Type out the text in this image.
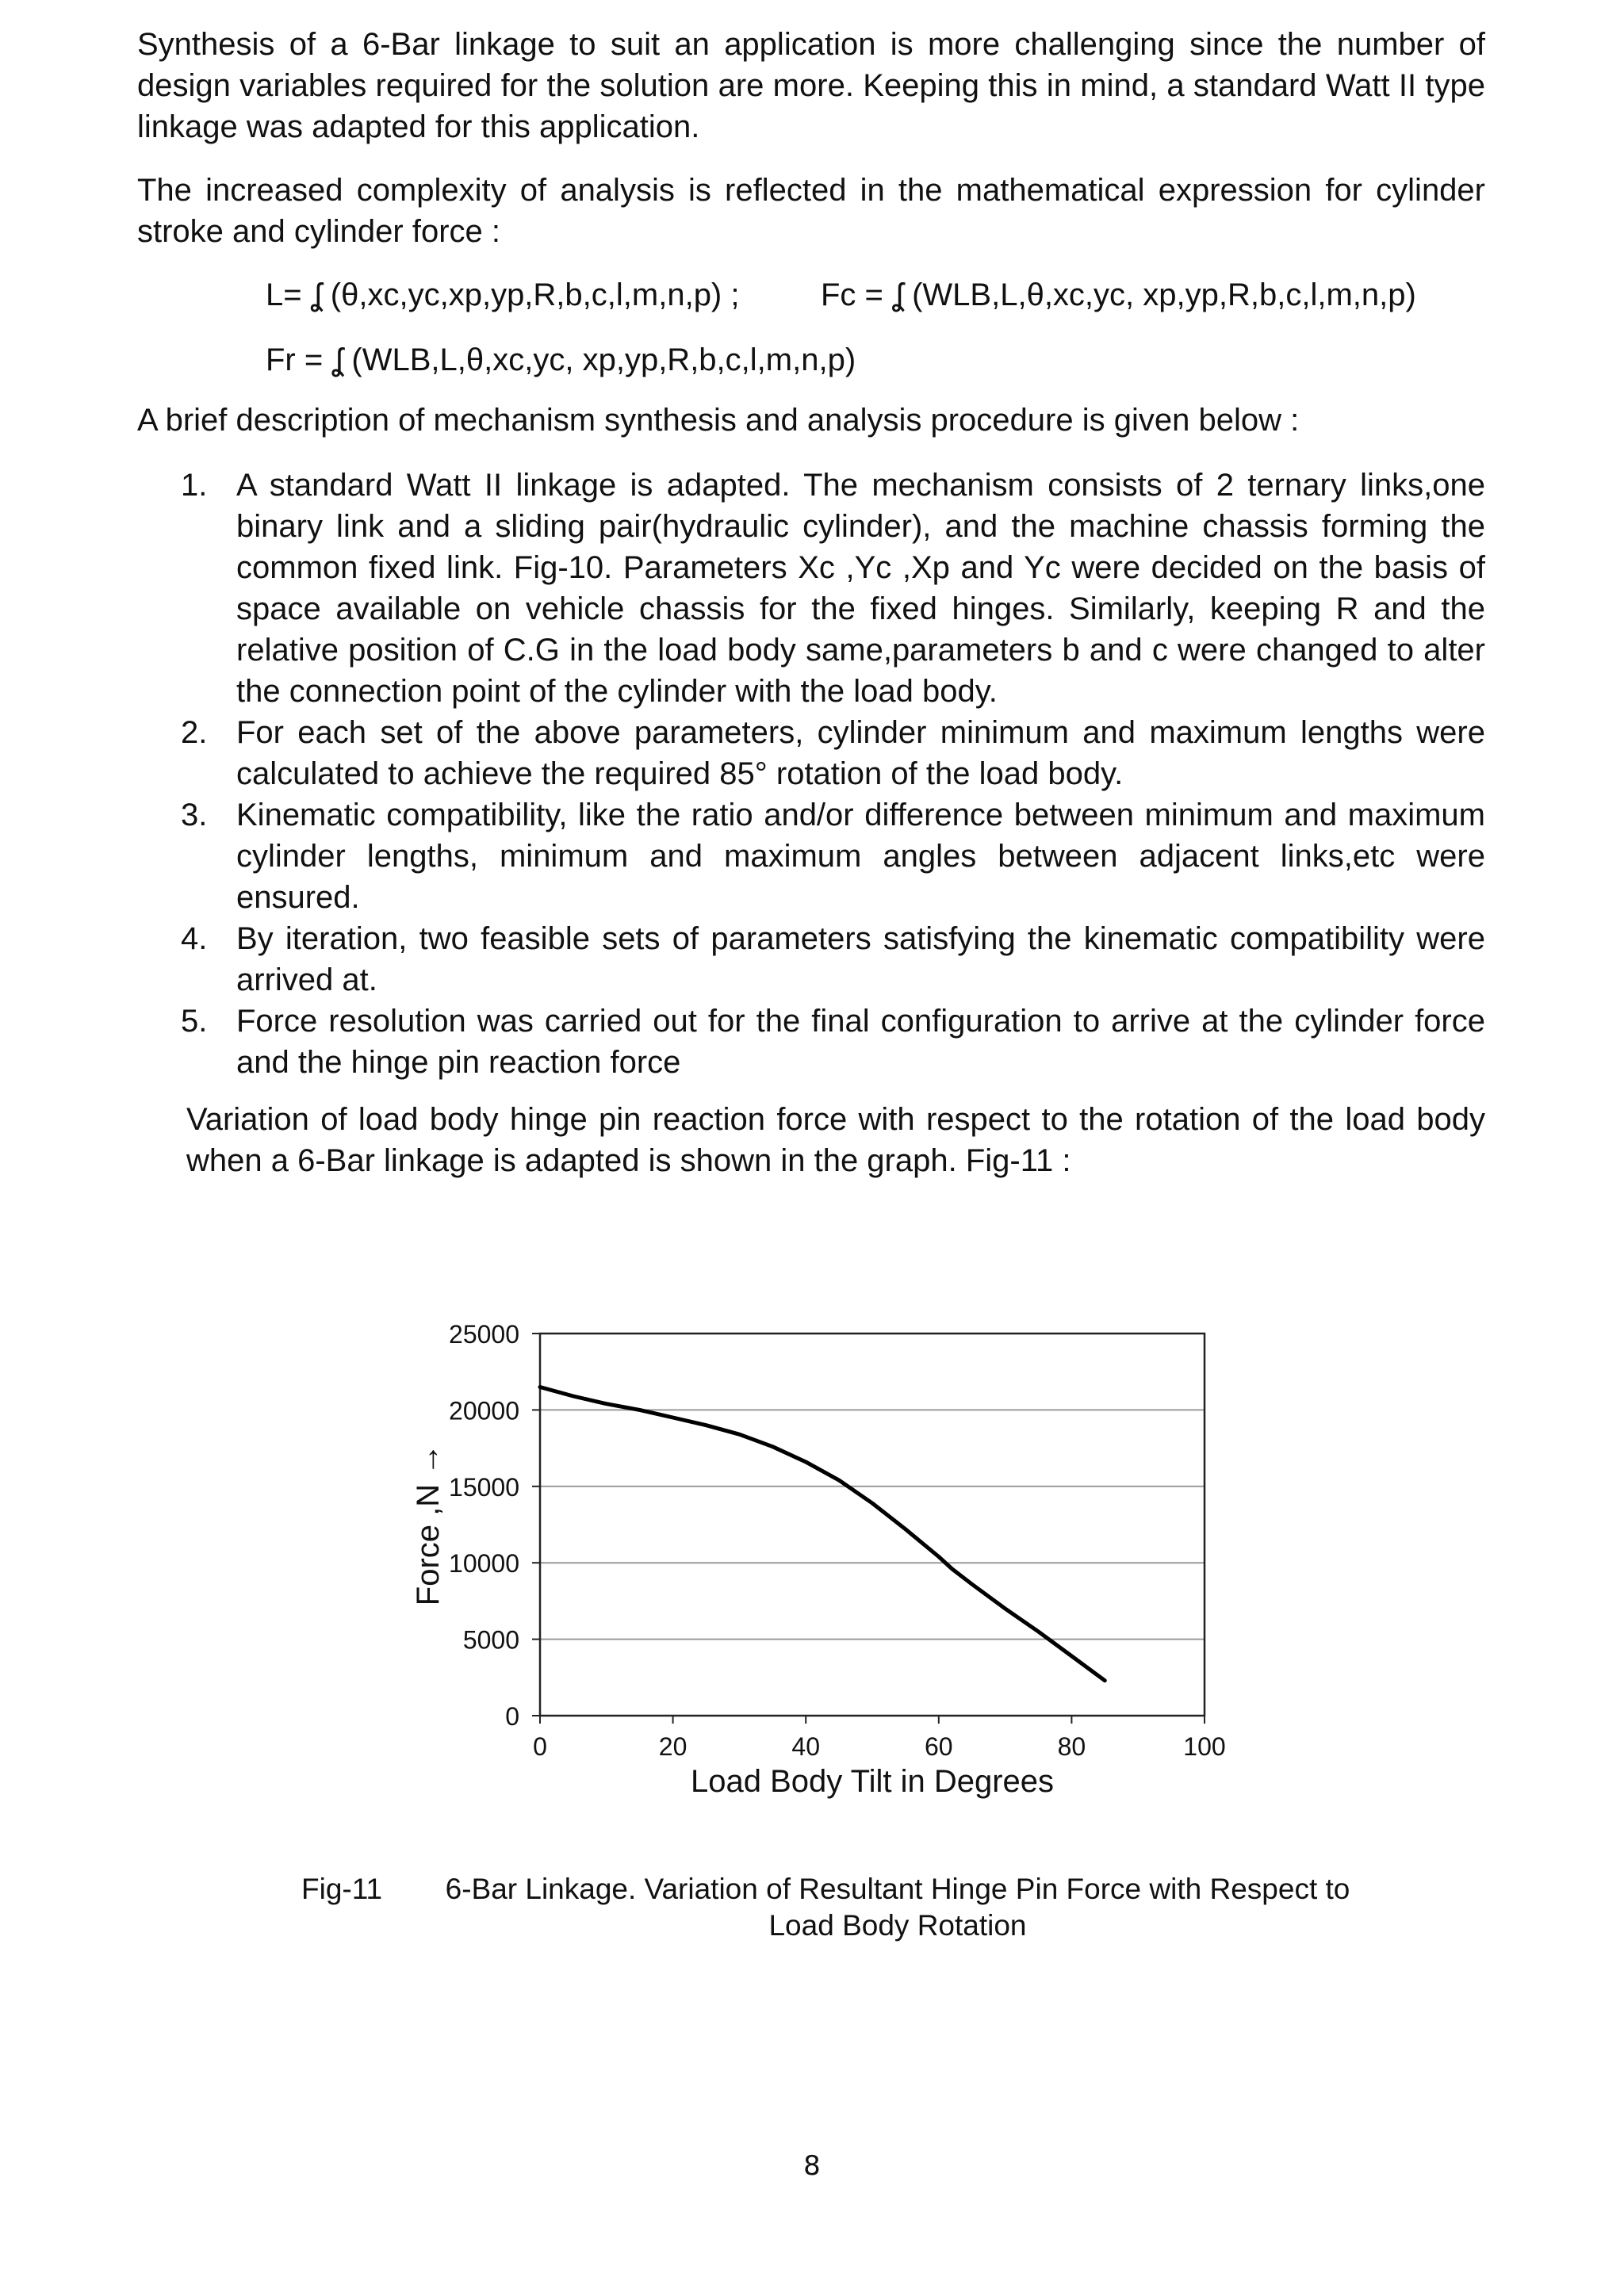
Synthesis of a 6-Bar linkage to suit an application is more challenging since the number of design variables required for the solution are more. Keeping this in mind, a standard Watt II type linkage was adapted for this application.

The increased complexity of analysis is reflected in the mathematical expression for cylinder stroke and cylinder force :

L= ʆ (θ,xc,yc,xp,yp,R,b,c,l,m,n,p) ;	Fc = ʆ (WLB,L,θ,xc,yc, xp,yp,R,b,c,l,m,n,p)

Fr = ʆ (WLB,L,θ,xc,yc, xp,yp,R,b,c,l,m,n,p)

A brief description of mechanism synthesis and analysis procedure is given below :

1. A standard Watt II linkage is adapted. The mechanism consists of 2 ternary links,one binary link and a sliding pair(hydraulic cylinder), and the machine chassis forming the common fixed link. Fig-10. Parameters Xc ,Yc ,Xp and Yc were decided on the basis of space available on vehicle chassis for the fixed hinges. Similarly, keeping R and the relative position of C.G in the load body same,parameters b and c were changed to alter the connection point of the cylinder with the load body.
2. For each set of the above parameters, cylinder minimum and maximum lengths were calculated to achieve the required 85° rotation of the load body.
3. Kinematic compatibility, like the ratio and/or difference between minimum and maximum cylinder lengths, minimum and maximum angles between adjacent links,etc were ensured.
4. By iteration, two feasible sets of parameters satisfying the kinematic compatibility were arrived at.
5. Force resolution was carried out for the final configuration to arrive at the cylinder force and the hinge pin reaction force

Variation of load body hinge pin reaction force with respect to the rotation of the load body when a 6-Bar linkage is adapted is shown in the graph. Fig-11 :

0
5000
10000
15000
20000
25000
0	20	40	60	80	100
Load Body Tilt in Degrees
Force ,N →
Fig-11	6-Bar Linkage. Variation of Resultant Hinge Pin Force with Respect to Load Body Rotation
8
